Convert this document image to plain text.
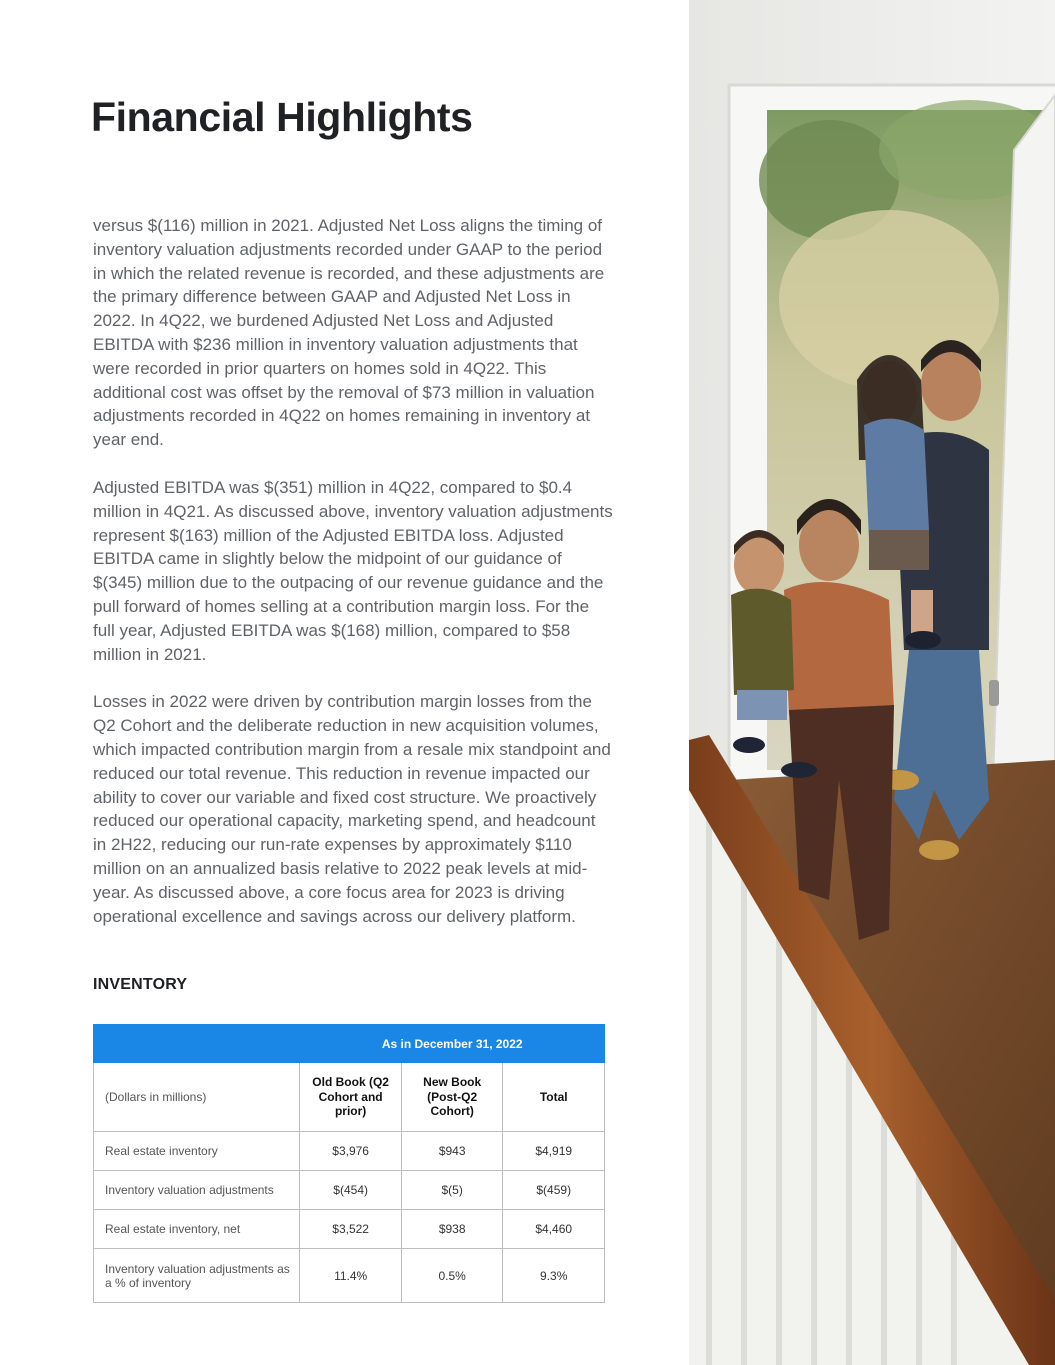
Financial Highlights

versus $(116) million in 2021. Adjusted Net Loss aligns the timing of inventory valuation adjustments recorded under GAAP to the period in which the related revenue is recorded, and these adjustments are the primary difference between GAAP and Adjusted Net Loss in 2022. In 4Q22, we burdened Adjusted Net Loss and Adjusted EBITDA with $236 million in inventory valuation adjustments that were recorded in prior quarters on homes sold in 4Q22. This additional cost was offset by the removal of $73 million in valuation adjustments recorded in 4Q22 on homes remaining in inventory at year end.

Adjusted EBITDA was $(351) million in 4Q22, compared to $0.4 million in 4Q21. As discussed above, inventory valuation adjustments represent $(163) million of the Adjusted EBITDA loss. Adjusted EBITDA came in slightly below the midpoint of our guidance of $(345) million due to the outpacing of our revenue guidance and the pull forward of homes selling at a contribution margin loss. For the full year, Adjusted EBITDA was $(168) million, compared to $58 million in 2021.

Losses in 2022 were driven by contribution margin losses from the Q2 Cohort and the deliberate reduction in new acquisition volumes, which impacted contribution margin from a resale mix standpoint and reduced our total revenue. This reduction in revenue impacted our ability to cover our variable and fixed cost structure. We proactively reduced our operational capacity, marketing spend, and headcount in 2H22, reducing our run-rate expenses by approximately $110 million on an annualized basis relative to 2022 peak levels at mid-year. As discussed above, a core focus area for 2023 is driving operational excellence and savings across our delivery platform.

INVENTORY
	As in December 31, 2022		
(Dollars in millions)	Old Book (Q2 Cohort and prior)	New Book (Post-Q2 Cohort)	Total
Real estate inventory	$3,976	$943	$4,919
Inventory valuation adjustments	$(454)	$(5)	$(459)
Real estate inventory, net	$3,522	$938	$4,460
Inventory valuation adjustments as a % of inventory	11.4%	0.5%	9.3%
